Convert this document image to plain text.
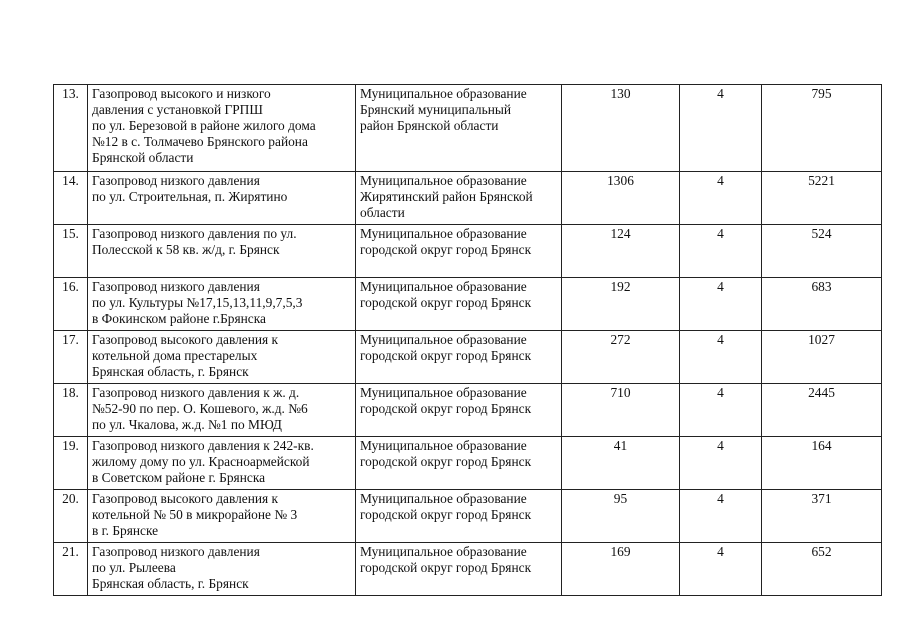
13.	Газопровод высокого и низкого
давления с установкой ГРПШ
по ул. Березовой в районе жилого дома
№12 в с. Толмачево Брянского района
Брянской области	Муниципальное образование
Брянский муниципальный
район Брянской области	130	4	795
14.	Газопровод низкого давления
по ул. Строительная, п. Жирятино	Муниципальное образование
Жирятинский район Брянской
области	1306	4	5221
15.	Газопровод низкого давления по ул.
Полесской к 58 кв. ж/д, г. Брянск	Муниципальное образование
городской округ город Брянск	124	4	524
16.	Газопровод низкого давления
по ул. Культуры №17,15,13,11,9,7,5,3
в Фокинском районе г.Брянска	Муниципальное образование
городской округ город Брянск	192	4	683
17.	Газопровод высокого давления к
котельной дома престарелых
Брянская область, г. Брянск	Муниципальное образование
городской округ город Брянск	272	4	1027
18.	Газопровод низкого давления к ж. д.
№52-90 по пер. О. Кошевого, ж.д. №6
по ул. Чкалова, ж.д. №1 по МЮД	Муниципальное образование
городской округ город Брянск	710	4	2445
19.	Газопровод низкого давления к 242-кв.
жилому дому по ул. Красноармейской
в Советском районе г. Брянска	Муниципальное образование
городской округ город Брянск	41	4	164
20.	Газопровод высокого давления к
котельной № 50 в микрорайоне № 3
в г. Брянске	Муниципальное образование
городской округ город Брянск	95	4	371
21.	Газопровод низкого давления
по ул. Рылеева
Брянская область, г. Брянск	Муниципальное образование
городской округ город Брянск	169	4	652
